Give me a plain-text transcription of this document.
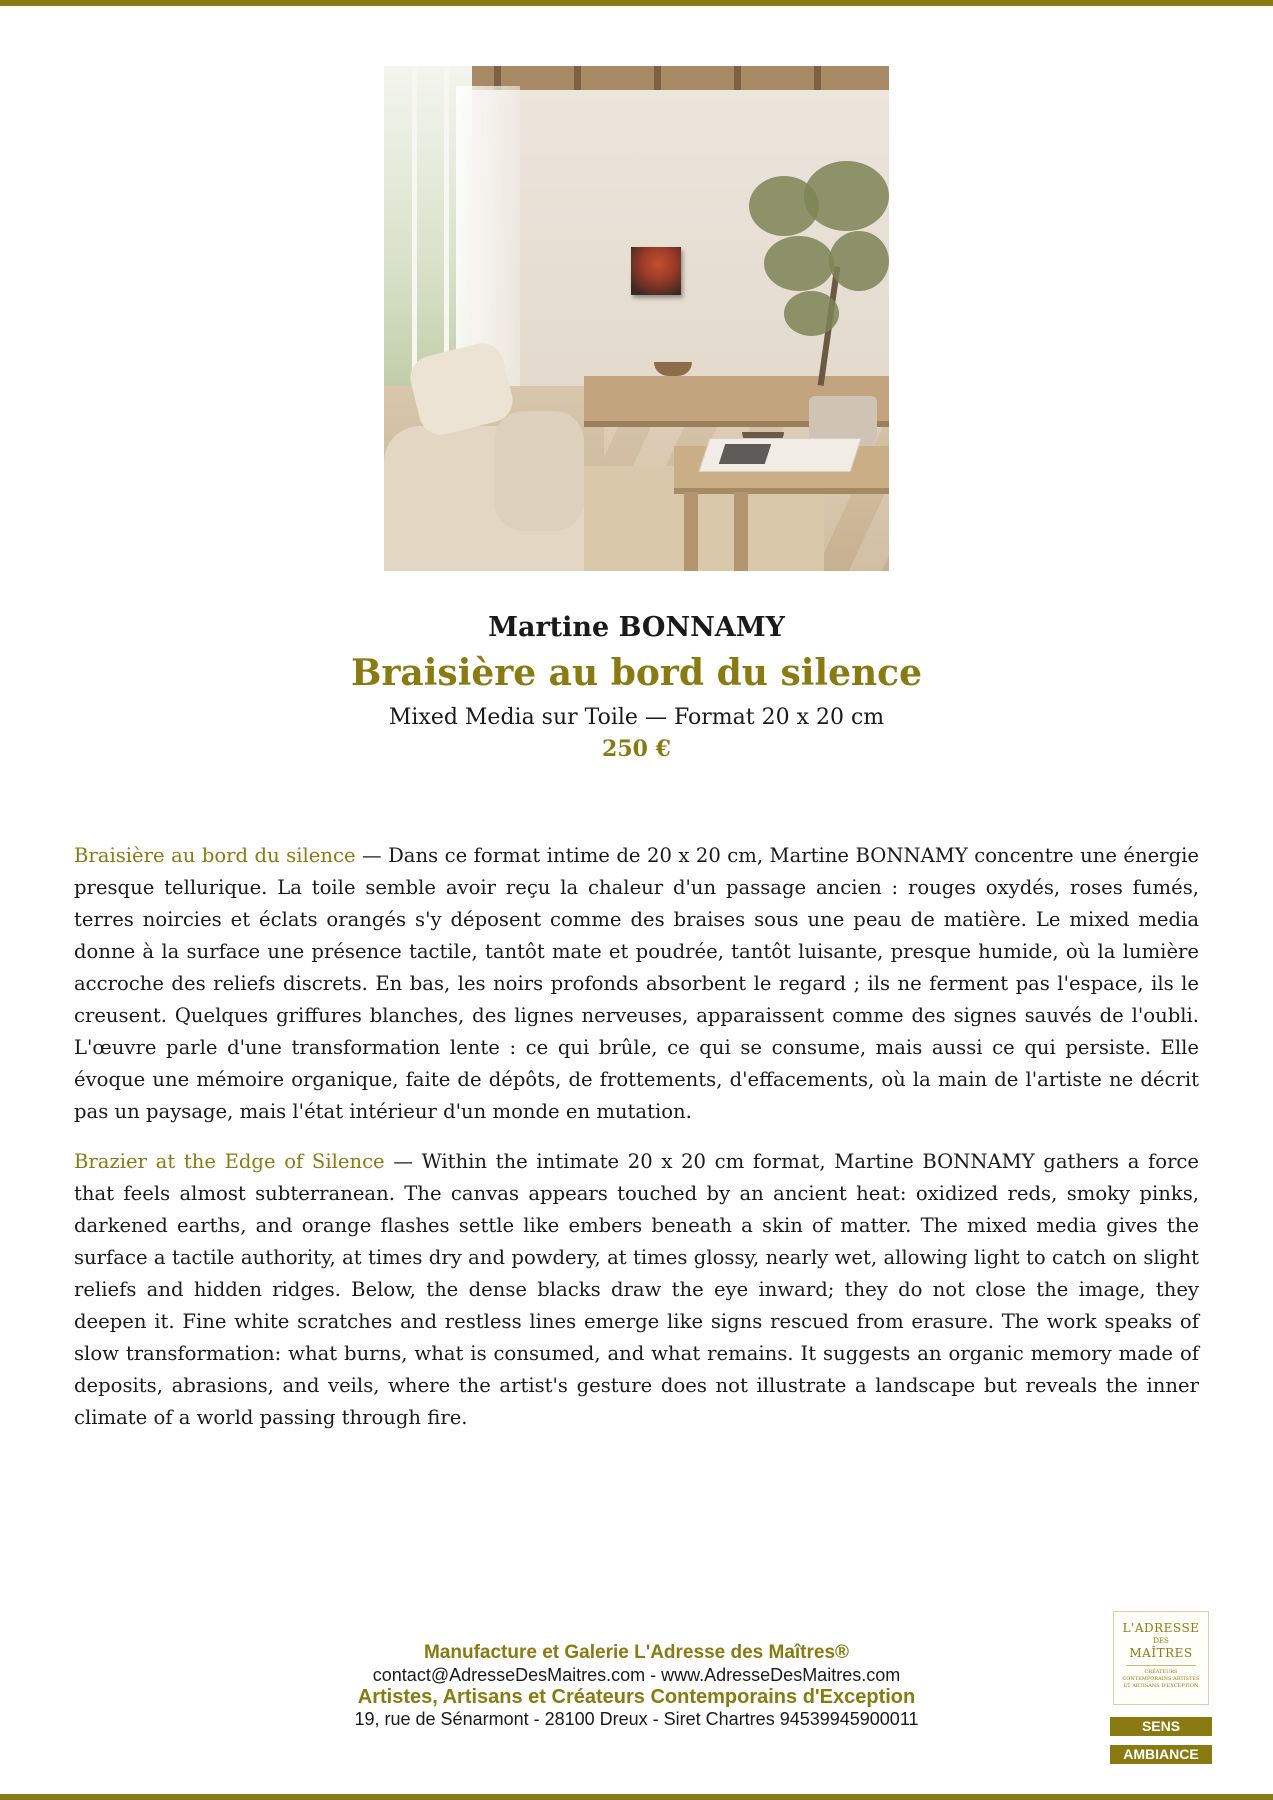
Martine BONNAMY
Braisière au bord du silence
Mixed Media sur Toile — Format 20 x 20 cm
250 €

Braisière au bord du silence — Dans ce format intime de 20 x 20 cm, Martine BONNAMY concentre une énergie presque tellurique. La toile semble avoir reçu la chaleur d'un passage ancien : rouges oxydés, roses fumés, terres noircies et éclats orangés s'y déposent comme des braises sous une peau de matière. Le mixed media donne à la surface une présence tactile, tantôt mate et poudrée, tantôt luisante, presque humide, où la lumière accroche des reliefs discrets. En bas, les noirs profonds absorbent le regard ; ils ne ferment pas l'espace, ils le creusent. Quelques griffures blanches, des lignes nerveuses, apparaissent comme des signes sauvés de l'oubli. L'œuvre parle d'une transformation lente : ce qui brûle, ce qui se consume, mais aussi ce qui persiste. Elle évoque une mémoire organique, faite de dépôts, de frottements, d'effacements, où la main de l'artiste ne décrit pas un paysage, mais l'état intérieur d'un monde en mutation.

Brazier at the Edge of Silence — Within the intimate 20 x 20 cm format, Martine BONNAMY gathers a force that feels almost subterranean. The canvas appears touched by an ancient heat: oxidized reds, smoky pinks, darkened earths, and orange flashes settle like embers beneath a skin of matter. The mixed media gives the surface a tactile authority, at times dry and powdery, at times glossy, nearly wet, allowing light to catch on slight reliefs and hidden ridges. Below, the dense blacks draw the eye inward; they do not close the image, they deepen it. Fine white scratches and restless lines emerge like signs rescued from erasure. The work speaks of slow transformation: what burns, what is consumed, and what remains. It suggests an organic memory made of deposits, abrasions, and veils, where the artist's gesture does not illustrate a landscape but reveals the inner climate of a world passing through fire.

Manufacture et Galerie L'Adresse des Maîtres®
contact@AdresseDesMaitres.com - www.AdresseDesMaitres.com
Artistes, Artisans et Créateurs Contemporains d'Exception
19, rue de Sénarmont - 28100 Dreux - Siret Chartres 94539945900011
L'ADRESSE
DES
MAÎTRES
CRÉATEURS CONTEMPORAINS ARTISTES ET ARTISANS D'EXCEPTION
SENS
AMBIANCE
